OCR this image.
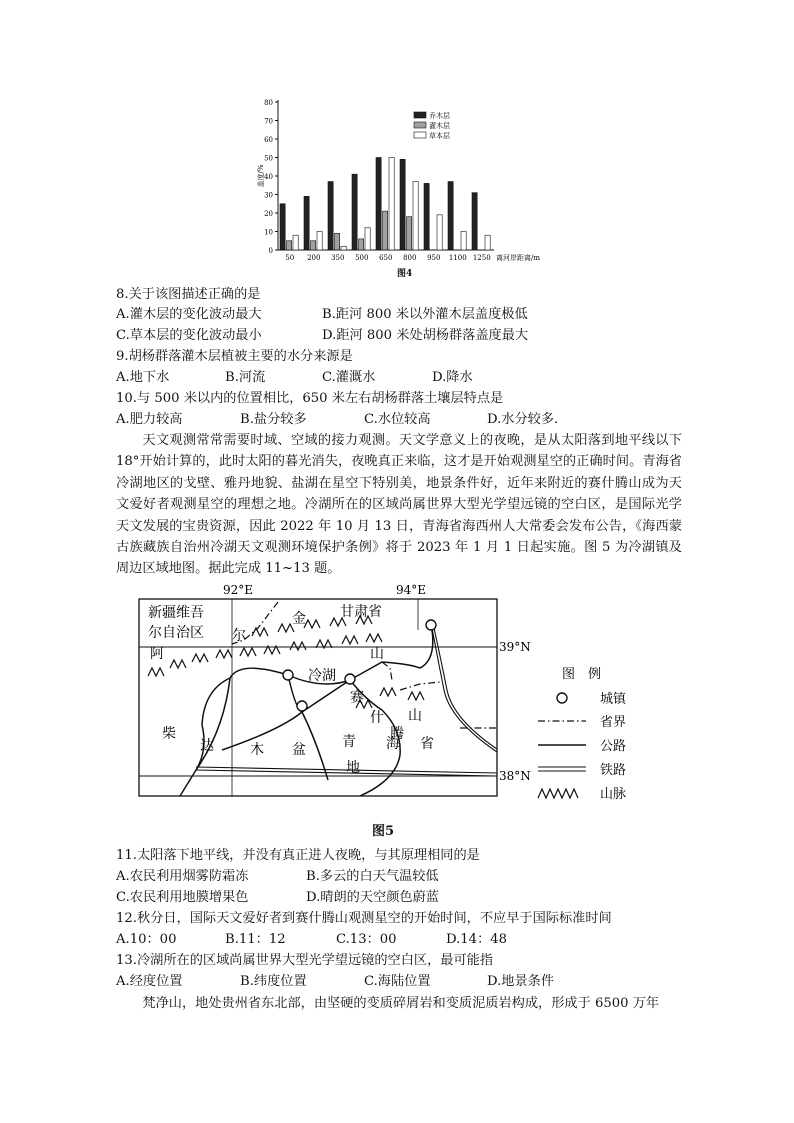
0
10
20
30
40
50
60
70
80
盖度/%
50 200 350 500 650 800 950 1100 1250 离河岸距离/m
乔木层
灌木层
草本层
图4
8.关于该图描述正确的是
A.灌木层的变化波动最大	B.距河 800 米以外灌木层盖度极低
C.草本层的变化波动最小	D.距河 800 米处胡杨群落盖度最大
9.胡杨群落灌木层植被主要的水分来源是
A.地下水	B.河流	C.灌溉水	D.降水
10.与 500 米以内的位置相比，650 米左右胡杨群落土壤层特点是
A.肥力较高	B.盐分较多	C.水位较高	D.水分较多.
天文观测常常需要时域、空域的接力观测。天文学意义上的夜晚，是从太阳落到地平线以下 18°开始计算的，此时太阳的暮光消失，夜晚真正来临，这才是开始观测星空的正确时间。青海省冷湖地区的戈壁、雅丹地貌、盐湖在星空下特别美，地景条件好，近年来附近的赛什腾山成为天文爱好者观测星空的理想之地。冷湖所在的区域尚属世界大型光学望远镜的空白区，是国际光学天文发展的宝贵资源，因此 2022 年 10 月 13 日，青海省海西州人大常委会发布公告，《海西蒙古族藏族自治州冷湖天文观测环境保护条例》将于 2023 年 1 月 1 日起实施。图 5 为冷湖镇及周边区域地图。据此完成 11~13 题。
92°E	94°E
39°N
38°N
新疆维吾
尔自治区
甘肃省
阿
尔
金
山
冷湖
赛
什
腾
山
省
柴
达	木 盆	青 海
地
图　例
城镇
省界
公路
铁路
山脉
图5
11.太阳落下地平线，并没有真正进人夜晚，与其原理相同的是
A.农民利用烟雾防霜冻	B.多云的白天气温较低
C.农民利用地膜增果色	D.晴朗的天空颜色蔚蓝
12.秋分日，国际天文爱好者到赛什腾山观测星空的开始时间，不应早于国际标准时间
A.10：00	B.11：12	C.13：00	D.14：48
13.冷湖所在的区域尚属世界大型光学望远镜的空白区，最可能指
A.经度位置	B.纬度位置	C.海陆位置	D.地景条件
梵净山，地处贵州省东北部，由坚硬的变质碎屑岩和变质泥质岩构成，形成于 6500 万年
